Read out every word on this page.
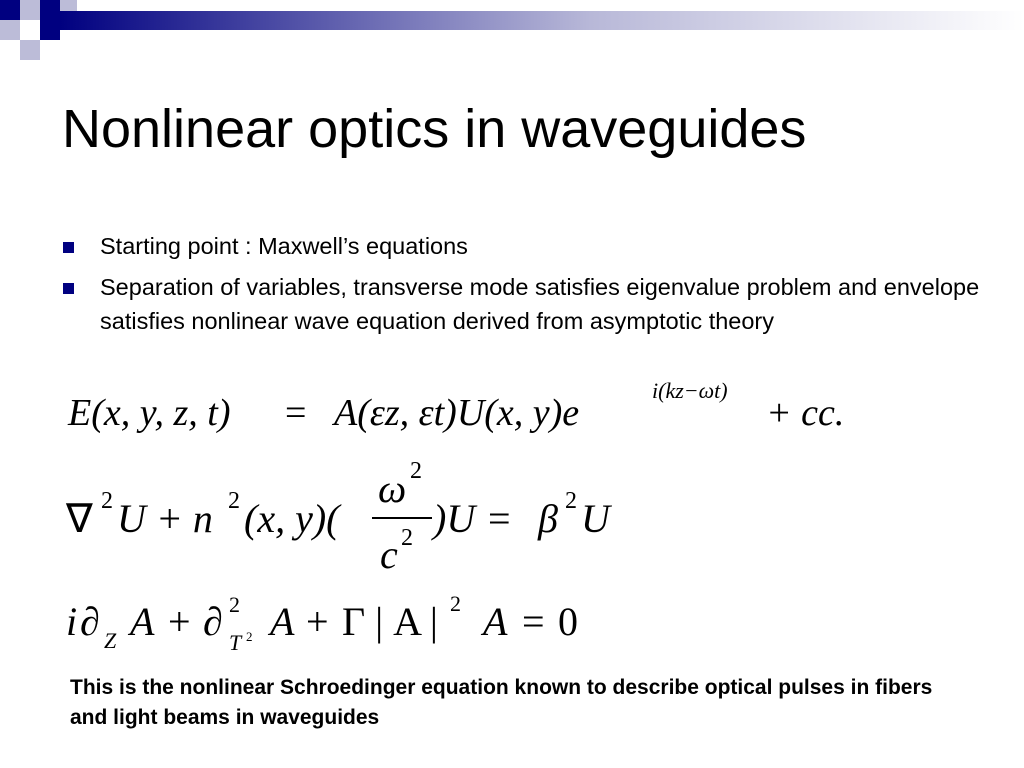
Nonlinear optics in waveguides
Starting point : Maxwell’s equations
Separation of variables, transverse mode satisfies eigenvalue problem and envelope satisfies nonlinear wave equation derived from asymptotic theory
E(x, y, z, t) = A(εz, εt)U(x, y)e
i(kz−ωt)
+ cc.
∇ 2 U + n 2 (x, y)(
ω 2
c 2 )U = β 2 U
i ∂ Z A + ∂ 2
T 2 A + Γ | A | 2 A = 0
This is the nonlinear Schroedinger equation known to describe optical pulses in fibers and light beams in waveguides
